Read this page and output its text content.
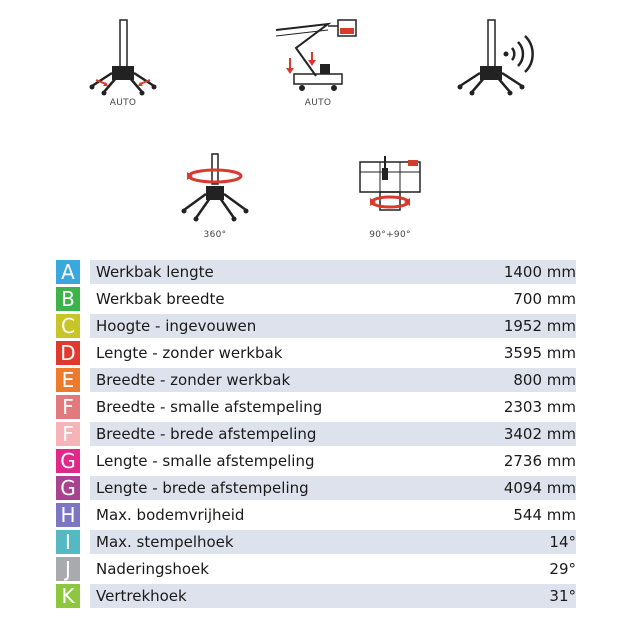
AUTO	AUTO
360°	90°+90°
A	Werkbak lengte	1400 mm
B	Werkbak breedte	700 mm
C	Hoogte - ingevouwen	1952 mm
D Lengte - zonder werkbak	3595 mm
E	Breedte - zonder werkbak	800 mm
F	Breedte - smalle afstempeling	2303 mm
F	Breedte - brede afstempeling	3402 mm
G Lengte - smalle afstempeling	2736 mm
G Lengte - brede afstempeling	4094 mm
H Max. bodemvrijheid	544 mm
I	Max. stempelhoek	14°
J	Naderingshoek	29°
K	Vertrekhoek	31°
